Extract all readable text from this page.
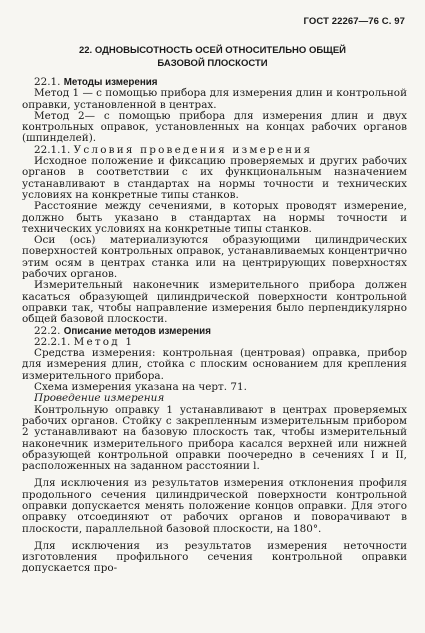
ГОСТ 22267—76 С. 97
22. ОДНОВЫСОТНОСТЬ ОСЕЙ ОТНОСИТЕЛЬНО ОБЩЕЙ
БАЗОВОЙ ПЛОСКОСТИ

22.1. Методы измерения

Метод 1 — с помощью прибора для измерения длин и контрольной оправки, установленной в центрах.

Метод 2— с помощью прибора для измерения длин и двух контрольных оправок, установленных на концах рабочих органов (шпинделей).

22.1.1. Условия проведения измерения

Исходное положение и фиксацию проверяемых и других рабочих органов в соответствии с их функциональным назначением устанавливают в стандартах на нормы точности и технических условиях на конкретные типы станков.

Расстояние между сечениями, в которых проводят измерение, должно быть указано в стандартах на нормы точности и технических условиях на конкретные типы станков.

Оси (ось) материализуются образующими цилиндрических поверхностей контрольных оправок, устанавливаемых концентрично этим осям в центрах станка или на центрирующих поверхностях рабочих органов.

Измерительный наконечник измерительного прибора должен касаться образующей цилиндрической поверхности контрольной оправки так, чтобы направление измерения было перпендикулярно общей базовой плоскости.

22.2. Описание методов измерения

22.2.1. Метод 1

Средства измерения: контрольная (центровая) оправка, прибор для измерения длин, стойка с плоским основанием для крепления измерительного прибора.

Схема измерения указана на черт. 71.

Проведение измерения

Контрольную оправку 1 устанавливают в центрах проверяемых рабочих органов. Стойку с закрепленным измерительным прибором 2 устанавливают на базовую плоскость так, чтобы измерительный наконечник измерительного прибора касался верхней или нижней образующей контрольной оправки поочередно в сечениях I и II, расположенных на заданном расстоянии l.

Для исключения из результатов измерения отклонения профиля продольного сечения цилиндрической поверхности контрольной оправки допускается менять положение концов оправки. Для этого оправку отсоединяют от рабочих органов и поворачивают в плоскости, параллельной базовой плоскости, на 180°.

Для исключения из результатов измерения неточности изготовления профильного сечения контрольной оправки допускается про-
